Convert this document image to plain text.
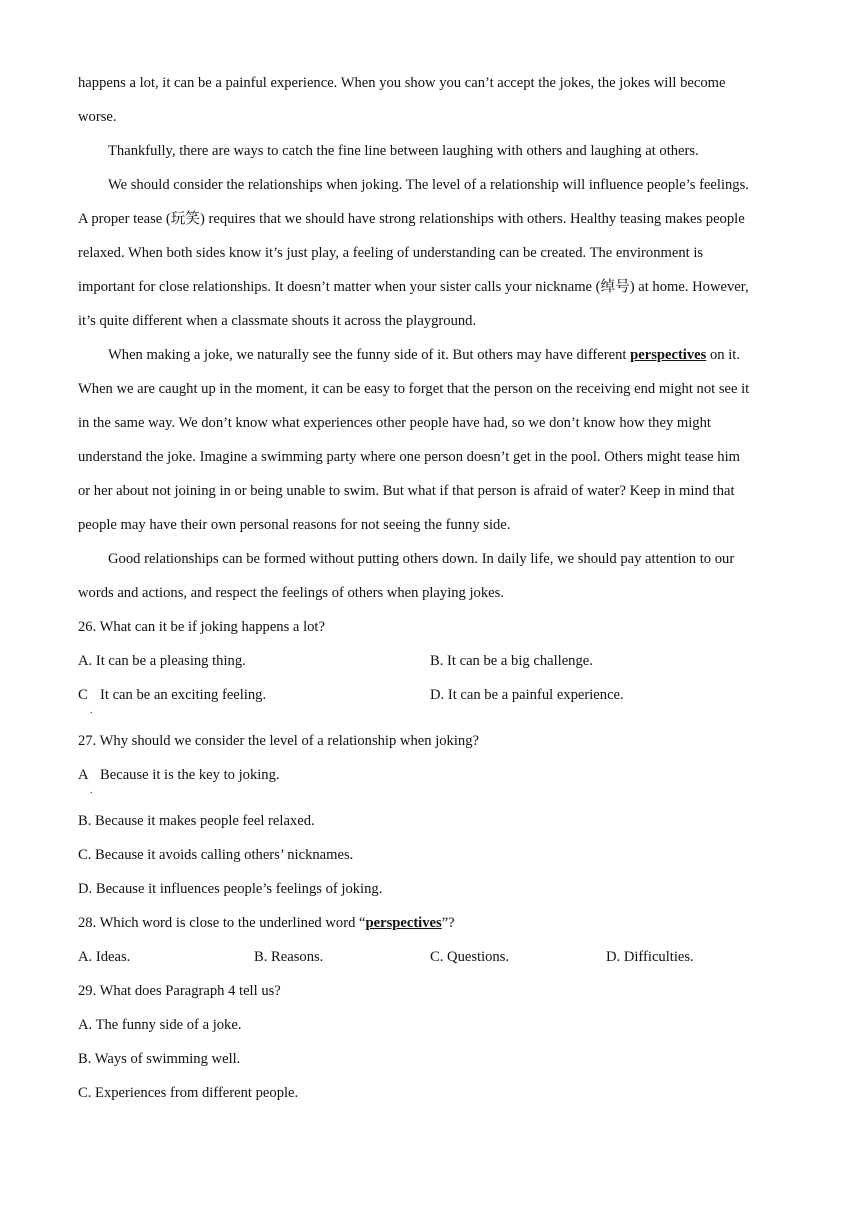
happens a lot, it can be a painful experience. When you show you can’t accept the jokes, the jokes will become
worse.
Thankfully, there are ways to catch the fine line between laughing with others and laughing at others.
We should consider the relationships when joking. The level of a relationship will influence people’s feelings.
A proper tease (玩笑) requires that we should have strong relationships with others. Healthy teasing makes people
relaxed. When both sides know it’s just play, a feeling of understanding can be created. The environment is
important for close relationships. It doesn’t matter when your sister calls your nickname (绰号) at home. However,
it’s quite different when a classmate shouts it across the playground.
When making a joke, we naturally see the funny side of it. But others may have different perspectives on it.
When we are caught up in the moment, it can be easy to forget that the person on the receiving end might not see it
in the same way. We don’t know what experiences other people have had, so we don’t know how they might
understand the joke. Imagine a swimming party where one person doesn’t get in the pool. Others might tease him
or her about not joining in or being unable to swim. But what if that person is afraid of water? Keep in mind that
people may have their own personal reasons for not seeing the funny side.
Good relationships can be formed without putting others down. In daily life, we should pay attention to our
words and actions, and respect the feelings of others when playing jokes.
26. What can it be if joking happens a lot?
A. It can be a pleasing thing.	B. It can be a big challenge.
C It can be an exciting feeling.
.
D. It can be a painful experience.
27. Why should we consider the level of a relationship when joking?
A Because it is the key to joking.
.
B. Because it makes people feel relaxed.
C. Because it avoids calling others’ nicknames.
D. Because it influences people’s feelings of joking.
28. Which word is close to the underlined word “perspectives”?
A. Ideas.	B. Reasons.	C. Questions.	D. Difficulties.
29. What does Paragraph 4 tell us?
A. The funny side of a joke.
B. Ways of swimming well.
C. Experiences from different people.
